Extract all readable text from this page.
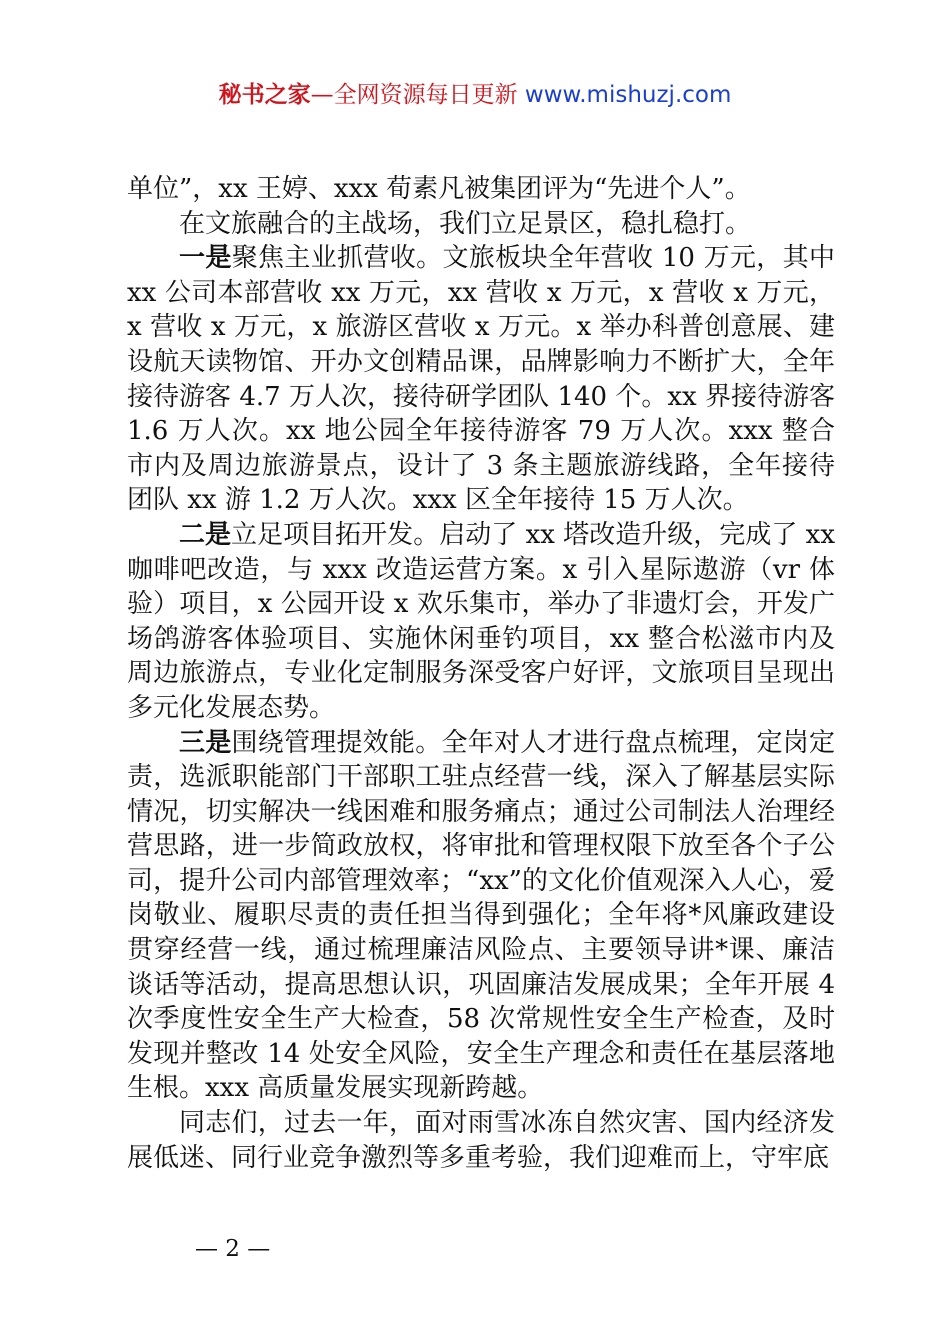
秘书之家—全网资源每日更新 www.mishuzj.com

单位”，xx 王婷、xxx 荀素凡被集团评为“先进个人”。

在文旅融合的主战场，我们立足景区，稳扎稳打。

一是聚焦主业抓营收。文旅板块全年营收 10 万元，其中 xx 公司本部营收 xx 万元，xx 营收 x 万元，x 营收 x 万元，x 营收 x 万元，x 旅游区营收 x 万元。x 举办科普创意展、建设航天读物馆、开办文创精品课，品牌影响力不断扩大，全年接待游客 4.7 万人次，接待研学团队 140 个。xx 界接待游客 1.6 万人次。xx 地公园全年接待游客 79 万人次。xxx 整合市内及周边旅游景点，设计了 3 条主题旅游线路，全年接待团队 xx 游 1.2 万人次。xxx 区全年接待 15 万人次。

二是立足项目拓开发。启动了 xx 塔改造升级，完成了 xx 咖啡吧改造，与 xxx 改造运营方案。x 引入星际遨游（vr 体验）项目，x 公园开设 x 欢乐集市，举办了非遗灯会，开发广场鸽游客体验项目、实施休闲垂钓项目，xx 整合松滋市内及周边旅游点，专业化定制服务深受客户好评，文旅项目呈现出多元化发展态势。

三是围绕管理提效能。全年对人才进行盘点梳理，定岗定责，选派职能部门干部职工驻点经营一线，深入了解基层实际情况，切实解决一线困难和服务痛点；通过公司制法人治理经营思路，进一步简政放权，将审批和管理权限下放至各个子公司，提升公司内部管理效率；“xx”的文化价值观深入人心，爱岗敬业、履职尽责的责任担当得到强化；全年将*风廉政建设贯穿经营一线，通过梳理廉洁风险点、主要领导讲*课、廉洁谈话等活动，提高思想认识，巩固廉洁发展成果；全年开展 4 次季度性安全生产大检查，58 次常规性安全生产检查，及时发现并整改 14 处安全风险，安全生产理念和责任在基层落地生根。xxx 高质量发展实现新跨越。

同志们，过去一年，面对雨雪冰冻自然灾害、国内经济发展低迷、同行业竞争激烈等多重考验，我们迎难而上，守牢底

— 2 —
